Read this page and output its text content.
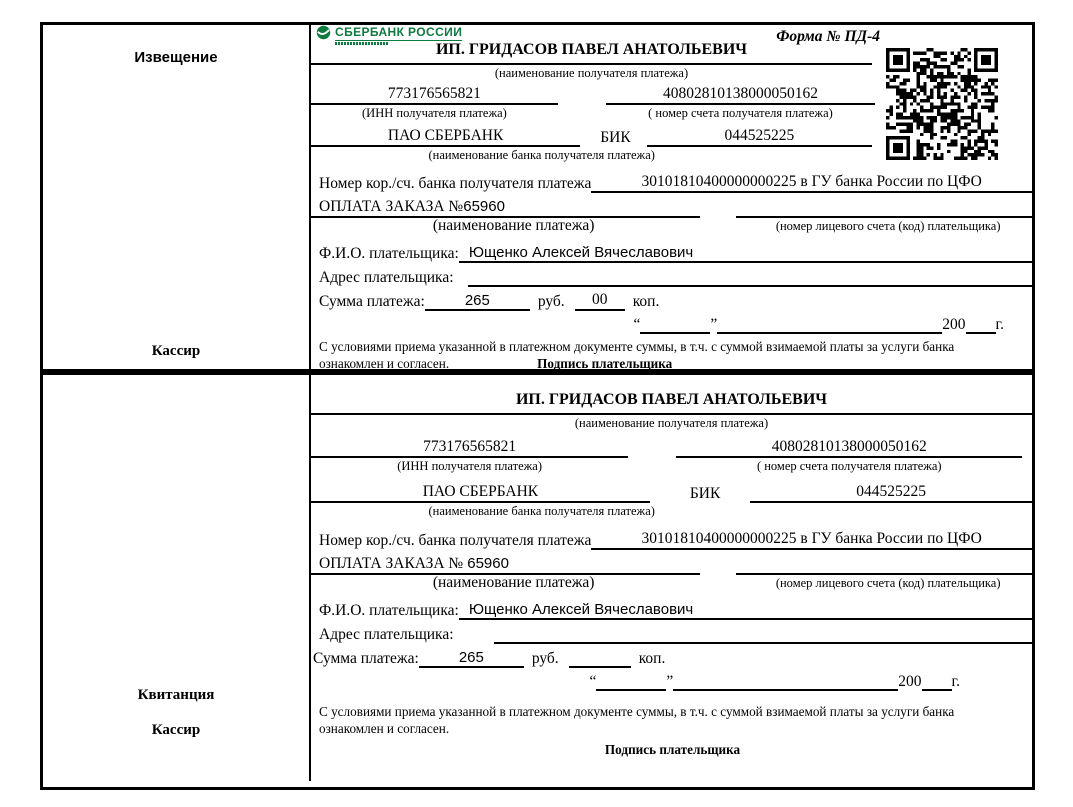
Извещение
Кассир
СБЕРБАНК РОССИИ	Форма № ПД-4
ИП. ГРИДАСОВ ПАВЕЛ АНАТОЛЬЕВИЧ
(наименование получателя платежа)
773176565821	40802810138000050162
(ИНН получателя платежа)	( номер счета получателя платежа)
ПАО СБЕРБАНК	БИК	044525225
(наименование банка получателя платежа)
Номер кор./сч. банка получателя платежа	30101810400000000225 в ГУ банка России по ЦФО
ОПЛАТА ЗАКАЗА №65960
(наименование платежа)	(номер лицевого счета (код) плательщика)
Ф.И.О. плательщика: Ющенко Алексей Вячеславович
Адрес плательщика:
Сумма платежа:	265	руб.	00	коп.
“	”	200 г.
С условиями приема указанной в платежном документе суммы, в т.ч. с суммой взимаемой платы за услуги банка
ознакомлен и согласен.	Подпись плательщика
Квитанция
Кассир
ИП. ГРИДАСОВ ПАВЕЛ АНАТОЛЬЕВИЧ
(наименование получателя платежа)
773176565821	40802810138000050162
(ИНН получателя платежа)	( номер счета получателя платежа)
ПАО СБЕРБАНК	БИК	044525225
(наименование банка получателя платежа)
Номер кор./сч. банка получателя платежа	30101810400000000225 в ГУ банка России по ЦФО
ОПЛАТА ЗАКАЗА № 65960
(наименование платежа)	(номер лицевого счета (код) плательщика)
Ф.И.О. плательщика: Ющенко Алексей Вячеславович
Адрес плательщика:
Сумма платежа:	265	руб.	коп.
“	”	200 г.
С условиями приема указанной в платежном документе суммы, в т.ч. с суммой взимаемой платы за услуги банка
ознакомлен и согласен.
Подпись плательщика
